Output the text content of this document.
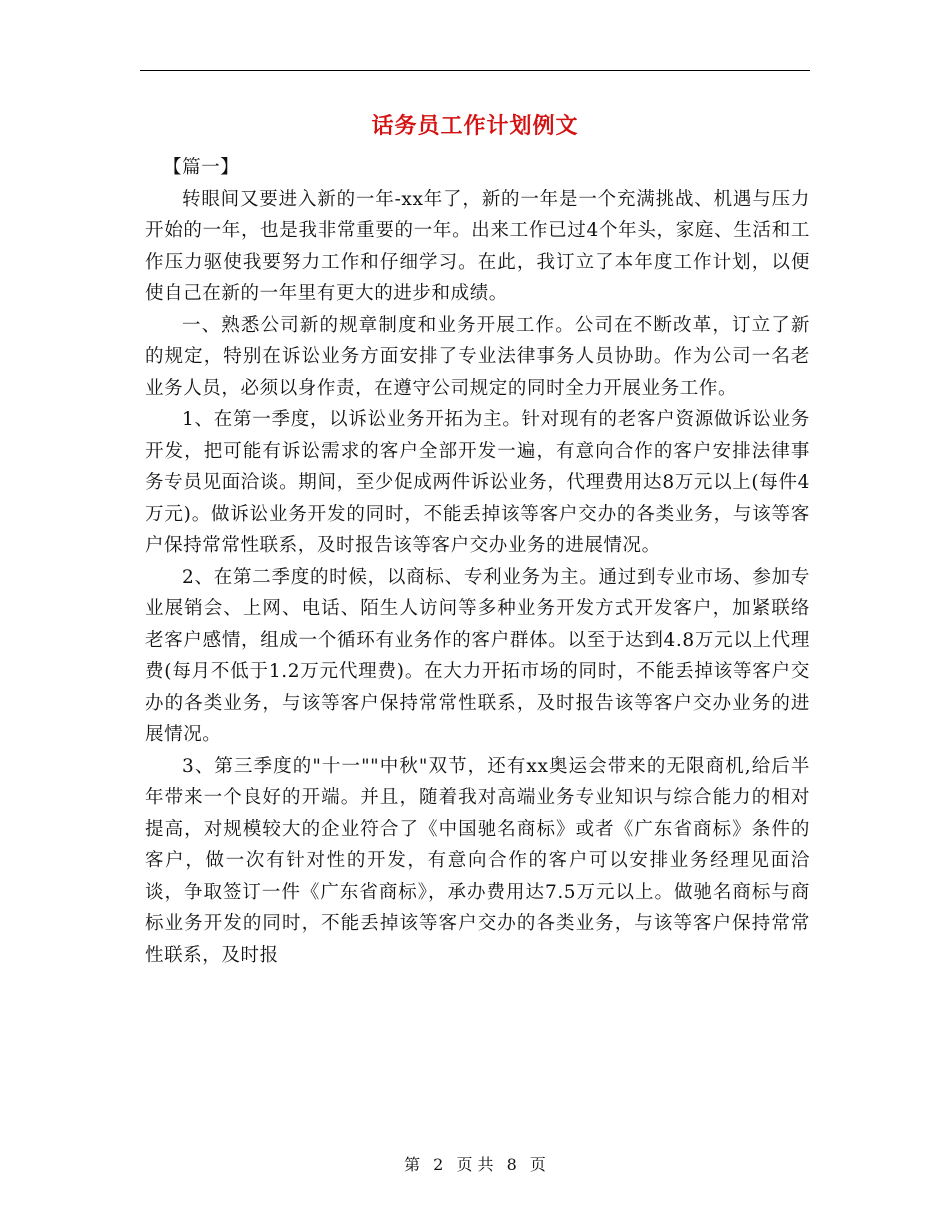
话务员工作计划例文

【篇一】

转眼间又要进入新的一年-xx年了，新的一年是一个充满挑战、机遇与压力开始的一年，也是我非常重要的一年。出来工作已过4个年头，家庭、生活和工作压力驱使我要努力工作和仔细学习。在此，我订立了本年度工作计划，以便使自己在新的一年里有更大的进步和成绩。

一、熟悉公司新的规章制度和业务开展工作。公司在不断改革，订立了新的规定，特别在诉讼业务方面安排了专业法律事务人员协助。作为公司一名老业务人员，必须以身作责，在遵守公司规定的同时全力开展业务工作。

1、在第一季度，以诉讼业务开拓为主。针对现有的老客户资源做诉讼业务开发，把可能有诉讼需求的客户全部开发一遍，有意向合作的客户安排法律事务专员见面洽谈。期间，至少促成两件诉讼业务，代理费用达8万元以上(每件4万元)。做诉讼业务开发的同时，不能丢掉该等客户交办的各类业务，与该等客户保持常常性联系，及时报告该等客户交办业务的进展情况。

2、在第二季度的时候，以商标、专利业务为主。通过到专业市场、参加专业展销会、上网、电话、陌生人访问等多种业务开发方式开发客户，加紧联络老客户感情，组成一个循环有业务作的客户群体。以至于达到4.8万元以上代理费(每月不低于1.2万元代理费)。在大力开拓市场的同时，不能丢掉该等客户交办的各类业务，与该等客户保持常常性联系，及时报告该等客户交办业务的进展情况。

3、第三季度的"十一""中秋"双节，还有xx奥运会带来的无限商机,给后半年带来一个良好的开端。并且，随着我对高端业务专业知识与综合能力的相对提高，对规模较大的企业符合了《中国驰名商标》或者《广东省商标》条件的客户，做一次有针对性的开发，有意向合作的客户可以安排业务经理见面洽谈，争取签订一件《广东省商标》，承办费用达7.5万元以上。做驰名商标与商标业务开发的同时，不能丢掉该等客户交办的各类业务，与该等客户保持常常性联系，及时报

第 2 页 共 8 页
